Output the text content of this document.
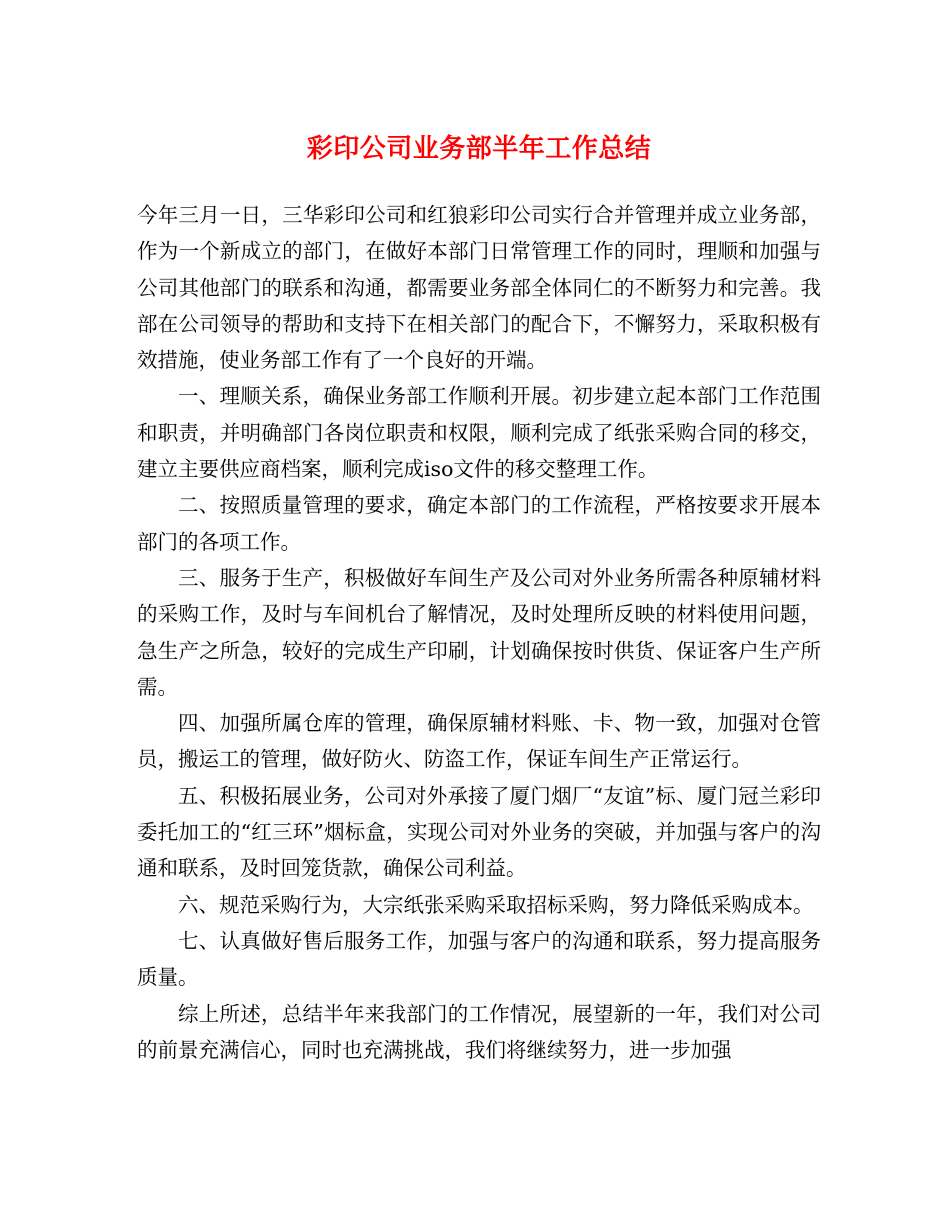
彩印公司业务部半年工作总结

今年三月一日，三华彩印公司和红狼彩印公司实行合并管理并成立业务部，作为一个新成立的部门，在做好本部门日常管理工作的同时，理顺和加强与公司其他部门的联系和沟通，都需要业务部全体同仁的不断努力和完善。我部在公司领导的帮助和支持下在相关部门的配合下，不懈努力，采取积极有效措施，使业务部工作有了一个良好的开端。

一、理顺关系，确保业务部工作顺利开展。初步建立起本部门工作范围和职责，并明确部门各岗位职责和权限，顺利完成了纸张采购合同的移交，建立主要供应商档案，顺利完成iso文件的移交整理工作。

二、按照质量管理的要求，确定本部门的工作流程，严格按要求开展本部门的各项工作。

三、服务于生产，积极做好车间生产及公司对外业务所需各种原辅材料的采购工作，及时与车间机台了解情况，及时处理所反映的材料使用问题，急生产之所急，较好的完成生产印刷，计划确保按时供货、保证客户生产所需。

四、加强所属仓库的管理，确保原辅材料账、卡、物一致，加强对仓管员，搬运工的管理，做好防火、防盗工作，保证车间生产正常运行。

五、积极拓展业务，公司对外承接了厦门烟厂“友谊”标、厦门冠兰彩印委托加工的“红三环”烟标盒，实现公司对外业务的突破，并加强与客户的沟通和联系，及时回笼货款，确保公司利益。

六、规范采购行为，大宗纸张采购采取招标采购，努力降低采购成本。

七、认真做好售后服务工作，加强与客户的沟通和联系，努力提高服务质量。

综上所述，总结半年来我部门的工作情况，展望新的一年，我们对公司的前景充满信心，同时也充满挑战，我们将继续努力，进一步加强
